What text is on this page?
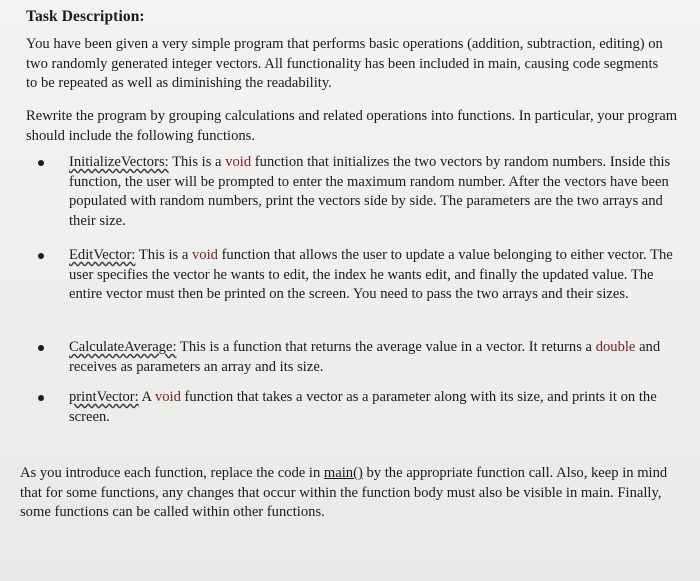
Task Description:

You have been given a very simple program that performs basic operations (addition, subtraction, editing) on two randomly generated integer vectors. All functionality has been included in main, causing code segments to be repeated as well as diminishing the readability.

Rewrite the program by grouping calculations and related operations into functions. In particular, your program should include the following functions.

InitializeVectors: This is a void function that initializes the two vectors by random numbers. Inside this function, the user will be prompted to enter the maximum random number. After the vectors have been populated with random numbers, print the vectors side by side. The parameters are the two arrays and their size.
EditVector: This is a void function that allows the user to update a value belonging to either vector. The user specifies the vector he wants to edit, the index he wants edit, and finally the updated value. The entire vector must then be printed on the screen. You need to pass the two arrays and their sizes.
CalculateAverage: This is a function that returns the average value in a vector. It returns a double and receives as parameters an array and its size.
printVector: A void function that takes a vector as a parameter along with its size, and prints it on the screen.

As you introduce each function, replace the code in main() by the appropriate function call. Also, keep in mind that for some functions, any changes that occur within the function body must also be visible in main. Finally, some functions can be called within other functions.
